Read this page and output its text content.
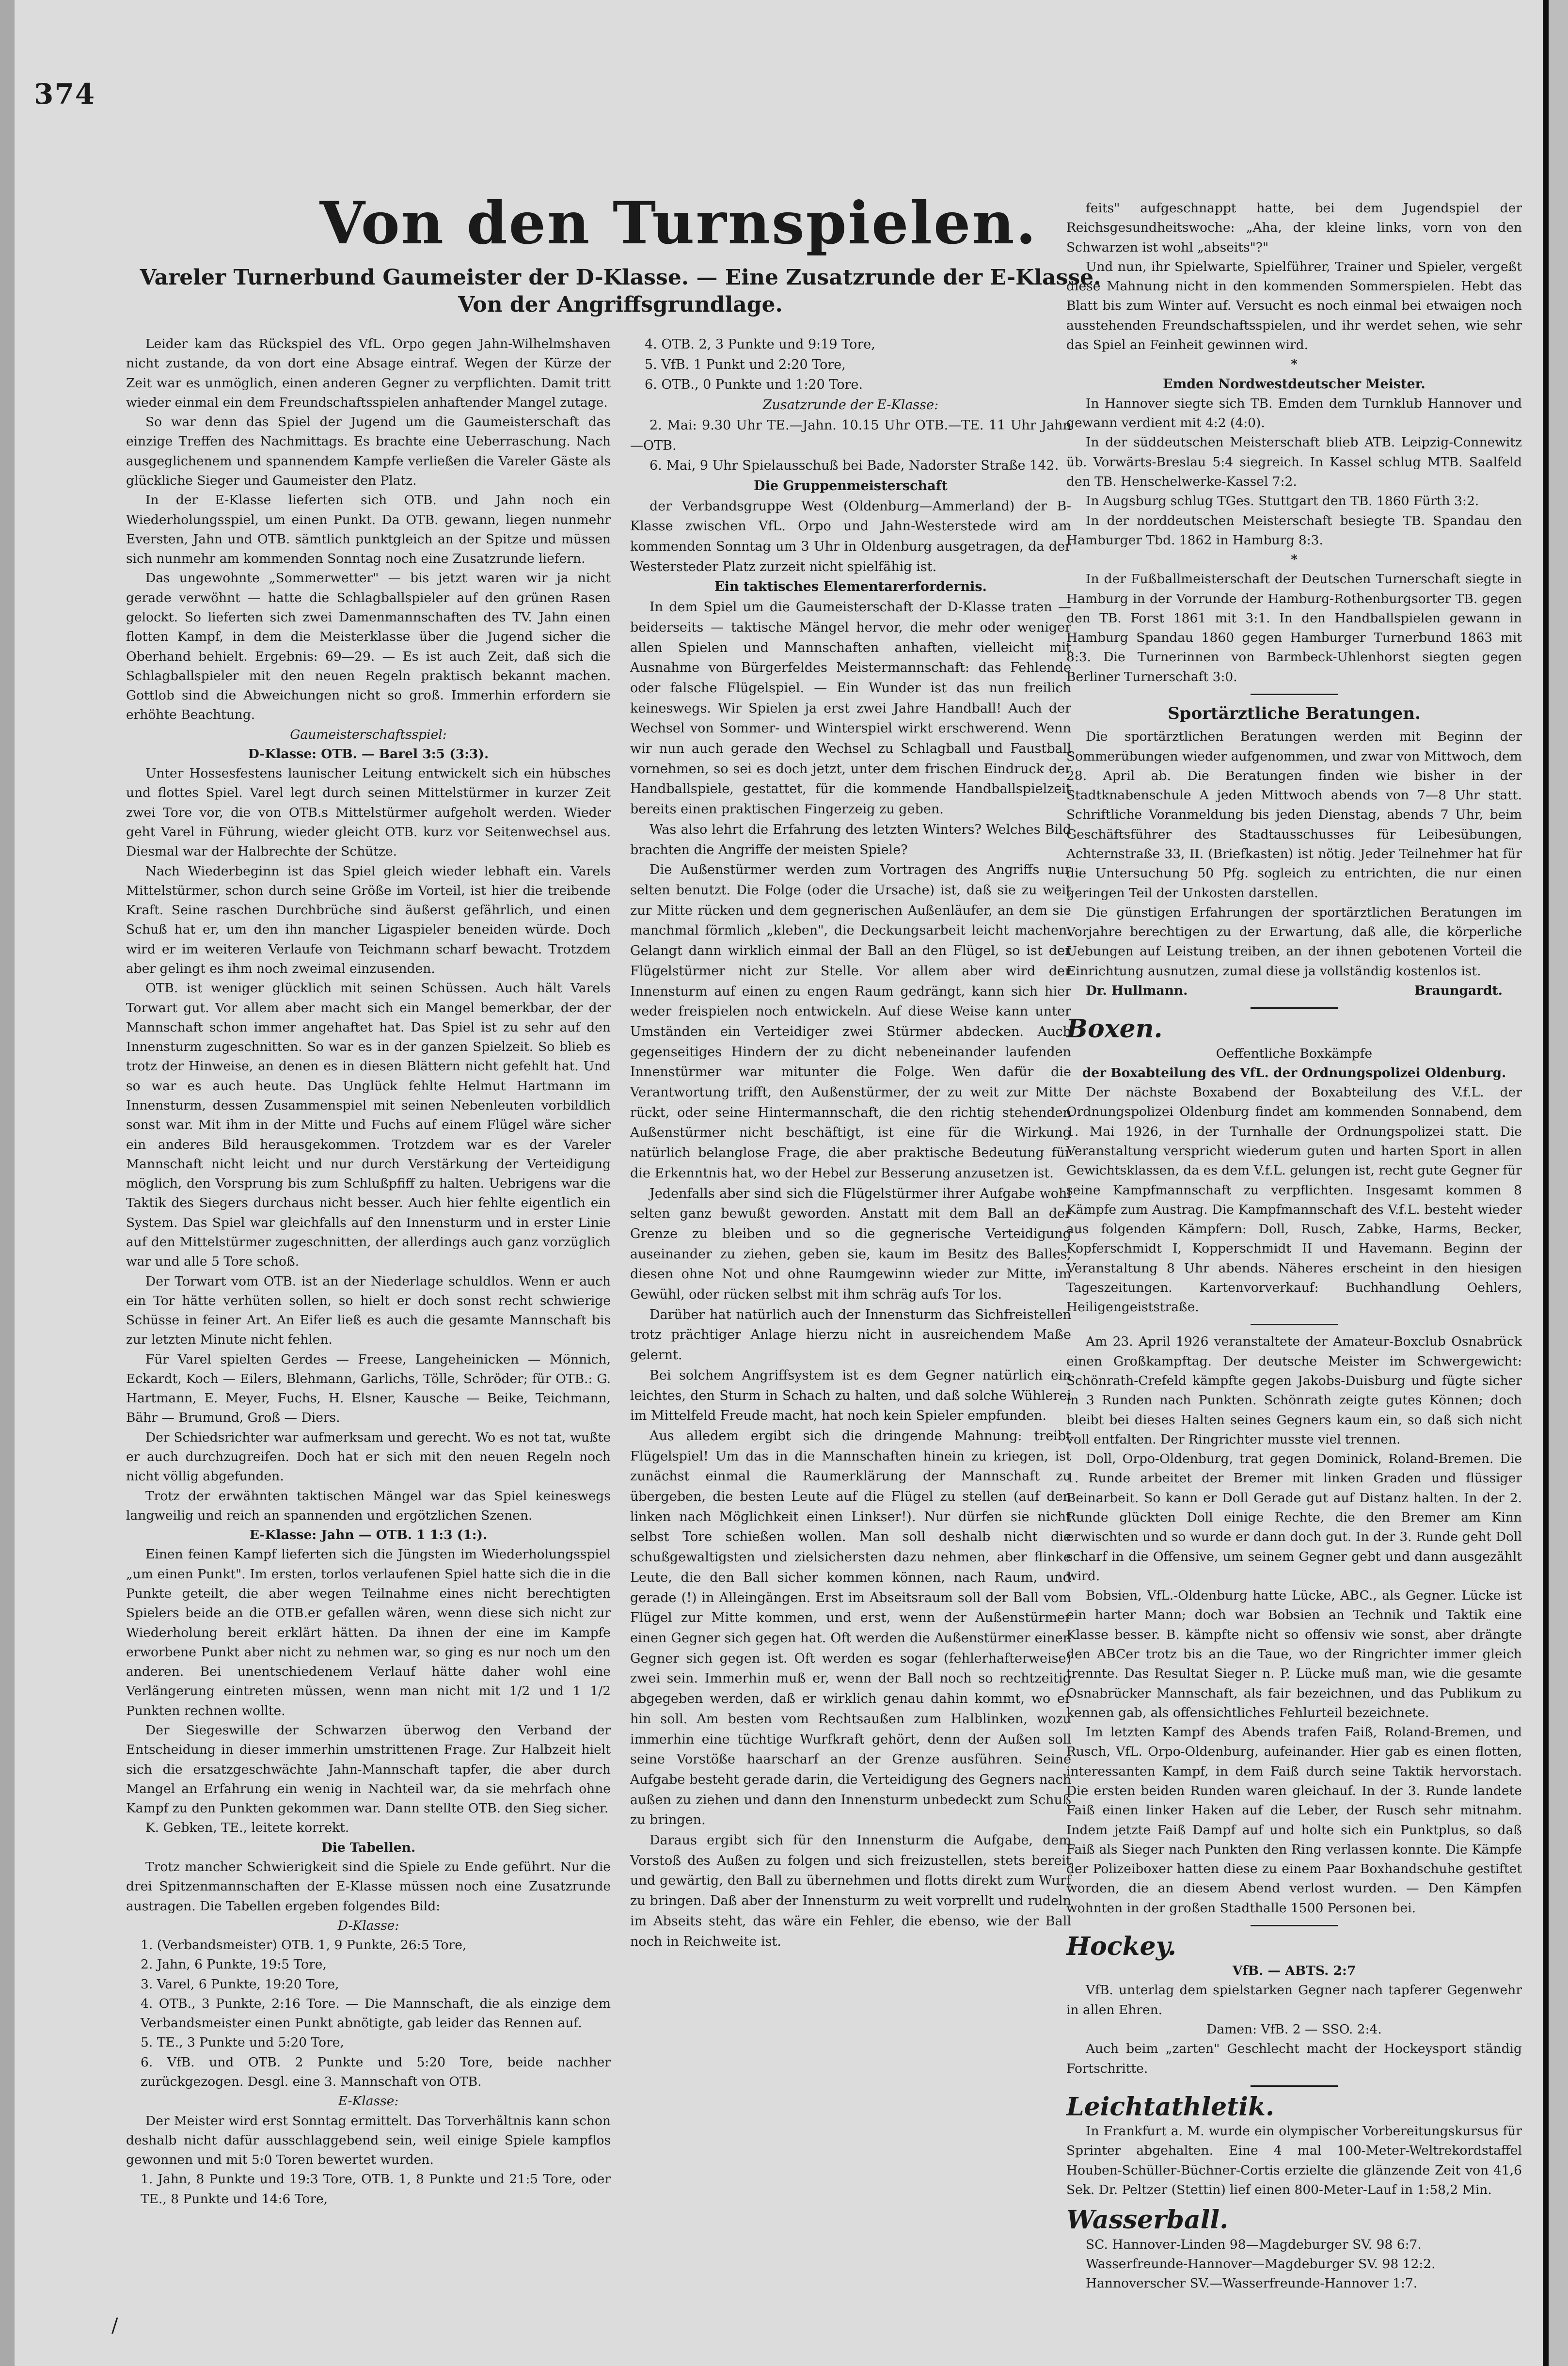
374
Von den Turnspielen.
Vareler Turnerbund Gaumeister der D-Klasse. — Eine Zusatzrunde der E-Klasse.
Von der Angriffsgrundlage.

Leider kam das Rückspiel des VfL. Orpo gegen Jahn-Wilhelmshaven nicht zustande, da von dort eine Absage eintraf. Wegen der Kürze der Zeit war es unmöglich, einen anderen Gegner zu verpflichten. Damit tritt wieder einmal ein dem Freundschaftsspielen anhaftender Mangel zutage.

So war denn das Spiel der Jugend um die Gaumeisterschaft das einzige Treffen des Nachmittags. Es brachte eine Ueberraschung. Nach ausgeglichenem und spannendem Kampfe verließen die Vareler Gäste als glückliche Sieger und Gaumeister den Platz.

In der E-Klasse lieferten sich OTB. und Jahn noch ein Wiederholungsspiel, um einen Punkt. Da OTB. gewann, liegen nunmehr Eversten, Jahn und OTB. sämtlich punktgleich an der Spitze und müssen sich nunmehr am kommenden Sonntag noch eine Zusatzrunde liefern.

Das ungewohnte „Sommerwetter" — bis jetzt waren wir ja nicht gerade verwöhnt — hatte die Schlagballspieler auf den grünen Rasen gelockt. So lieferten sich zwei Damenmannschaften des TV. Jahn einen flotten Kampf, in dem die Meisterklasse über die Jugend sicher die Oberhand behielt. Ergebnis: 69—29. — Es ist auch Zeit, daß sich die Schlagballspieler mit den neuen Regeln praktisch bekannt machen. Gottlob sind die Abweichungen nicht so groß. Immerhin erfordern sie erhöhte Beachtung.

Gaumeisterschaftsspiel:

D-Klasse: OTB. — Barel 3:5 (3:3).

Unter Hossesfestens launischer Leitung entwickelt sich ein hübsches und flottes Spiel. Varel legt durch seinen Mittelstürmer in kurzer Zeit zwei Tore vor, die von OTB.s Mittelstürmer aufgeholt werden. Wieder geht Varel in Führung, wieder gleicht OTB. kurz vor Seitenwechsel aus. Diesmal war der Halbrechte der Schütze.

Nach Wiederbeginn ist das Spiel gleich wieder lebhaft ein. Varels Mittelstürmer, schon durch seine Größe im Vorteil, ist hier die treibende Kraft. Seine raschen Durchbrüche sind äußerst gefährlich, und einen Schuß hat er, um den ihn mancher Ligaspieler beneiden würde. Doch wird er im weiteren Verlaufe von Teichmann scharf bewacht. Trotzdem aber gelingt es ihm noch zweimal einzusenden.

OTB. ist weniger glücklich mit seinen Schüssen. Auch hält Varels Torwart gut. Vor allem aber macht sich ein Mangel bemerkbar, der der Mannschaft schon immer angehaftet hat. Das Spiel ist zu sehr auf den Innensturm zugeschnitten. So war es in der ganzen Spielzeit. So blieb es trotz der Hinweise, an denen es in diesen Blättern nicht gefehlt hat. Und so war es auch heute. Das Unglück fehlte Helmut Hartmann im Innensturm, dessen Zusammenspiel mit seinen Nebenleuten vorbildlich sonst war. Mit ihm in der Mitte und Fuchs auf einem Flügel wäre sicher ein anderes Bild herausgekommen. Trotzdem war es der Vareler Mannschaft nicht leicht und nur durch Verstärkung der Verteidigung möglich, den Vorsprung bis zum Schlußpfiff zu halten. Uebrigens war die Taktik des Siegers durchaus nicht besser. Auch hier fehlte eigentlich ein System. Das Spiel war gleichfalls auf den Innensturm und in erster Linie auf den Mittelstürmer zugeschnitten, der allerdings auch ganz vorzüglich war und alle 5 Tore schoß.

Der Torwart vom OTB. ist an der Niederlage schuldlos. Wenn er auch ein Tor hätte verhüten sollen, so hielt er doch sonst recht schwierige Schüsse in feiner Art. An Eifer ließ es auch die gesamte Mannschaft bis zur letzten Minute nicht fehlen.

Für Varel spielten Gerdes — Freese, Langeheinicken — Mönnich, Eckardt, Koch — Eilers, Blehmann, Garlichs, Tölle, Schröder; für OTB.: G. Hartmann, E. Meyer, Fuchs, H. Elsner, Kausche — Beike, Teichmann, Bähr — Brumund, Groß — Diers.

Der Schiedsrichter war aufmerksam und gerecht. Wo es not tat, wußte er auch durchzugreifen. Doch hat er sich mit den neuen Regeln noch nicht völlig abgefunden.

Trotz der erwähnten taktischen Mängel war das Spiel keineswegs langweilig und reich an spannenden und ergötzlichen Szenen.

E-Klasse: Jahn — OTB. 1 1:3 (1:).

Einen feinen Kampf lieferten sich die Jüngsten im Wiederholungsspiel „um einen Punkt". Im ersten, torlos verlaufenen Spiel hatte sich die in die Punkte geteilt, die aber wegen Teilnahme eines nicht berechtigten Spielers beide an die OTB.er gefallen wären, wenn diese sich nicht zur Wiederholung bereit erklärt hätten. Da ihnen der eine im Kampfe erworbene Punkt aber nicht zu nehmen war, so ging es nur noch um den anderen. Bei unentschiedenem Verlauf hätte daher wohl eine Verlängerung eintreten müssen, wenn man nicht mit 1/2 und 1 1/2 Punkten rechnen wollte.

Der Siegeswille der Schwarzen überwog den Verband der Entscheidung in dieser immerhin umstrittenen Frage. Zur Halbzeit hielt sich die ersatzgeschwächte Jahn-Mannschaft tapfer, die aber durch Mangel an Erfahrung ein wenig in Nachteil war, da sie mehrfach ohne Kampf zu den Punkten gekommen war. Dann stellte OTB. den Sieg sicher.

K. Gebken, TE., leitete korrekt.

Die Tabellen.

Trotz mancher Schwierigkeit sind die Spiele zu Ende geführt. Nur die drei Spitzenmannschaften der E-Klasse müssen noch eine Zusatzrunde austragen. Die Tabellen ergeben folgendes Bild:

D-Klasse:

1. (Verbandsmeister) OTB. 1, 9 Punkte, 26:5 Tore,

2. Jahn, 6 Punkte, 19:5 Tore,

3. Varel, 6 Punkte, 19:20 Tore,

4. OTB., 3 Punkte, 2:16 Tore. — Die Mannschaft, die als einzige dem Verbandsmeister einen Punkt abnötigte, gab leider das Rennen auf.

5. TE., 3 Punkte und 5:20 Tore,

6. VfB. und OTB. 2 Punkte und 5:20 Tore, beide nachher zurückgezogen. Desgl. eine 3. Mannschaft von OTB.

E-Klasse:

Der Meister wird erst Sonntag ermittelt. Das Torverhältnis kann schon deshalb nicht dafür ausschlaggebend sein, weil einige Spiele kampflos gewonnen und mit 5:0 Toren bewertet wurden.

1. Jahn, 8 Punkte und 19:3 Tore, OTB. 1, 8 Punkte und 21:5 Tore, oder TE., 8 Punkte und 14:6 Tore,

4. OTB. 2, 3 Punkte und 9:19 Tore,

5. VfB. 1 Punkt und 2:20 Tore,

6. OTB., 0 Punkte und 1:20 Tore.

Zusatzrunde der E-Klasse:

2. Mai: 9.30 Uhr TE.—Jahn. 10.15 Uhr OTB.—TE. 11 Uhr Jahn—OTB.

6. Mai, 9 Uhr Spielausschuß bei Bade, Nadorster Straße 142.

Die Gruppenmeisterschaft

der Verbandsgruppe West (Oldenburg—Ammerland) der B-Klasse zwischen VfL. Orpo und Jahn-Westerstede wird am kommenden Sonntag um 3 Uhr in Oldenburg ausgetragen, da der Westersteder Platz zurzeit nicht spielfähig ist.

Ein taktisches Elementarerfordernis.

In dem Spiel um die Gaumeisterschaft der D-Klasse traten — beiderseits — taktische Mängel hervor, die mehr oder weniger allen Spielen und Mannschaften anhaften, vielleicht mit Ausnahme von Bürgerfeldes Meistermannschaft: das Fehlende oder falsche Flügelspiel. — Ein Wunder ist das nun freilich keineswegs. Wir Spielen ja erst zwei Jahre Handball! Auch der Wechsel von Sommer- und Winterspiel wirkt erschwerend. Wenn wir nun auch gerade den Wechsel zu Schlagball und Faustball vornehmen, so sei es doch jetzt, unter dem frischen Eindruck der Handballspiele, gestattet, für die kommende Handballspielzeit bereits einen praktischen Fingerzeig zu geben.

Was also lehrt die Erfahrung des letzten Winters? Welches Bild brachten die Angriffe der meisten Spiele?

Die Außenstürmer werden zum Vortragen des Angriffs nur selten benutzt. Die Folge (oder die Ursache) ist, daß sie zu weit zur Mitte rücken und dem gegnerischen Außenläufer, an dem sie manchmal förmlich „kleben", die Deckungsarbeit leicht machen. Gelangt dann wirklich einmal der Ball an den Flügel, so ist der Flügelstürmer nicht zur Stelle. Vor allem aber wird der Innensturm auf einen zu engen Raum gedrängt, kann sich hier weder freispielen noch entwickeln. Auf diese Weise kann unter Umständen ein Verteidiger zwei Stürmer abdecken. Auch gegenseitiges Hindern der zu dicht nebeneinander laufenden Innenstürmer war mitunter die Folge. Wen dafür die Verantwortung trifft, den Außenstürmer, der zu weit zur Mitte rückt, oder seine Hintermannschaft, die den richtig stehenden Außenstürmer nicht beschäftigt, ist eine für die Wirkung natürlich belanglose Frage, die aber praktische Bedeutung für die Erkenntnis hat, wo der Hebel zur Besserung anzusetzen ist.

Jedenfalls aber sind sich die Flügelstürmer ihrer Aufgabe wohl selten ganz bewußt geworden. Anstatt mit dem Ball an der Grenze zu bleiben und so die gegnerische Verteidigung auseinander zu ziehen, geben sie, kaum im Besitz des Balles, diesen ohne Not und ohne Raumgewinn wieder zur Mitte, im Gewühl, oder rücken selbst mit ihm schräg aufs Tor los.

Darüber hat natürlich auch der Innensturm das Sichfreistellen trotz prächtiger Anlage hierzu nicht in ausreichendem Maße gelernt.

Bei solchem Angriffsystem ist es dem Gegner natürlich ein leichtes, den Sturm in Schach zu halten, und daß solche Wühlerei im Mittelfeld Freude macht, hat noch kein Spieler empfunden.

Aus alledem ergibt sich die dringende Mahnung: treibt Flügelspiel! Um das in die Mannschaften hinein zu kriegen, ist zunächst einmal die Raumerklärung der Mannschaft zu übergeben, die besten Leute auf die Flügel zu stellen (auf den linken nach Möglichkeit einen Linkser!). Nur dürfen sie nicht selbst Tore schießen wollen. Man soll deshalb nicht die schußgewaltigsten und zielsichersten dazu nehmen, aber flinke Leute, die den Ball sicher kommen können, nach Raum, und gerade (!) in Alleingängen. Erst im Abseitsraum soll der Ball vom Flügel zur Mitte kommen, und erst, wenn der Außenstürmer einen Gegner sich gegen hat. Oft werden die Außenstürmer einen Gegner sich gegen ist. Oft werden es sogar (fehlerhafterweise) zwei sein. Immerhin muß er, wenn der Ball noch so rechtzeitig abgegeben werden, daß er wirklich genau dahin kommt, wo er hin soll. Am besten vom Rechtsaußen zum Halblinken, wozu immerhin eine tüchtige Wurfkraft gehört, denn der Außen soll seine Vorstöße haarscharf an der Grenze ausführen. Seine Aufgabe besteht gerade darin, die Verteidigung des Gegners nach außen zu ziehen und dann den Innensturm unbedeckt zum Schuß zu bringen.

Daraus ergibt sich für den Innensturm die Aufgabe, dem Vorstoß des Außen zu folgen und sich freizustellen, stets bereit und gewärtig, den Ball zu übernehmen und flotts direkt zum Wurf zu bringen. Daß aber der Innensturm zu weit vorprellt und rudeln im Abseits steht, das wäre ein Fehler, die ebenso, wie der Ball noch in Reichweite ist.

feits" aufgeschnappt hatte, bei dem Jugendspiel der Reichsgesundheitswoche: „Aha, der kleine links, vorn von den Schwarzen ist wohl „abseits"?"

Und nun, ihr Spielwarte, Spielführer, Trainer und Spieler, vergeßt diese Mahnung nicht in den kommenden Sommerspielen. Hebt das Blatt bis zum Winter auf. Versucht es noch einmal bei etwaigen noch ausstehenden Freundschaftsspielen, und ihr werdet sehen, wie sehr das Spiel an Feinheit gewinnen wird.

*

Emden Nordwestdeutscher Meister.

In Hannover siegte sich TB. Emden dem Turnklub Hannover und gewann verdient mit 4:2 (4:0).

In der süddeutschen Meisterschaft blieb ATB. Leipzig-Connewitz üb. Vorwärts-Breslau 5:4 siegreich. In Kassel schlug MTB. Saalfeld den TB. Henschelwerke-Kassel 7:2.

In Augsburg schlug TGes. Stuttgart den TB. 1860 Fürth 3:2.

In der norddeutschen Meisterschaft besiegte TB. Spandau den Hamburger Tbd. 1862 in Hamburg 8:3.

*

In der Fußballmeisterschaft der Deutschen Turnerschaft siegte in Hamburg in der Vorrunde der Hamburg-Rothenburgsorter TB. gegen den TB. Forst 1861 mit 3:1. In den Handballspielen gewann in Hamburg Spandau 1860 gegen Hamburger Turnerbund 1863 mit 8:3. Die Turnerinnen von Barmbeck-Uhlenhorst siegten gegen Berliner Turnerschaft 3:0.

Sportärztliche Beratungen.

Die sportärztlichen Beratungen werden mit Beginn der Sommerübungen wieder aufgenommen, und zwar von Mittwoch, dem 28. April ab. Die Beratungen finden wie bisher in der Stadtknabenschule A jeden Mittwoch abends von 7—8 Uhr statt. Schriftliche Voranmeldung bis jeden Dienstag, abends 7 Uhr, beim Geschäftsführer des Stadtausschusses für Leibesübungen, Achternstraße 33, II. (Briefkasten) ist nötig. Jeder Teilnehmer hat für die Untersuchung 50 Pfg. sogleich zu entrichten, die nur einen geringen Teil der Unkosten darstellen.

Die günstigen Erfahrungen der sportärztlichen Beratungen im Vorjahre berechtigen zu der Erwartung, daß alle, die körperliche Uebungen auf Leistung treiben, an der ihnen gebotenen Vorteil die Einrichtung ausnutzen, zumal diese ja vollständig kostenlos ist.

Dr. Hullmann.	Braungardt.

Boxen.

Oeffentliche Boxkämpfe

der Boxabteilung des VfL. der Ordnungspolizei Oldenburg.

Der nächste Boxabend der Boxabteilung des V.f.L. der Ordnungspolizei Oldenburg findet am kommenden Sonnabend, dem 1. Mai 1926, in der Turnhalle der Ordnungspolizei statt. Die Veranstaltung verspricht wiederum guten und harten Sport in allen Gewichtsklassen, da es dem V.f.L. gelungen ist, recht gute Gegner für seine Kampfmannschaft zu verpflichten. Insgesamt kommen 8 Kämpfe zum Austrag. Die Kampfmannschaft des V.f.L. besteht wieder aus folgenden Kämpfern: Doll, Rusch, Zabke, Harms, Becker, Kopferschmidt I, Kopperschmidt II und Havemann. Beginn der Veranstaltung 8 Uhr abends. Näheres erscheint in den hiesigen Tageszeitungen. Kartenvorverkauf: Buchhandlung Oehlers, Heiligengeiststraße.

Am 23. April 1926 veranstaltete der Amateur-Boxclub Osnabrück einen Großkampftag. Der deutsche Meister im Schwergewicht: Schönrath-Crefeld kämpfte gegen Jakobs-Duisburg und fügte sicher in 3 Runden nach Punkten. Schönrath zeigte gutes Können; doch bleibt bei dieses Halten seines Gegners kaum ein, so daß sich nicht voll entfalten. Der Ringrichter musste viel trennen.

Doll, Orpo-Oldenburg, trat gegen Dominick, Roland-Bremen. Die 1. Runde arbeitet der Bremer mit linken Graden und flüssiger Beinarbeit. So kann er Doll Gerade gut auf Distanz halten. In der 2. Runde glückten Doll einige Rechte, die den Bremer am Kinn erwischten und so wurde er dann doch gut. In der 3. Runde geht Doll scharf in die Offensive, um seinem Gegner gebt und dann ausgezählt wird.

Bobsien, VfL.-Oldenburg hatte Lücke, ABC., als Gegner. Lücke ist ein harter Mann; doch war Bobsien an Technik und Taktik eine Klasse besser. B. kämpfte nicht so offensiv wie sonst, aber drängte den ABCer trotz bis an die Taue, wo der Ringrichter immer gleich trennte. Das Resultat Sieger n. P. Lücke muß man, wie die gesamte Osnabrücker Mannschaft, als fair bezeichnen, und das Publikum zu kennen gab, als offensichtliches Fehlurteil bezeichnete.

Im letzten Kampf des Abends trafen Faiß, Roland-Bremen, und Rusch, VfL. Orpo-Oldenburg, aufeinander. Hier gab es einen flotten, interessanten Kampf, in dem Faiß durch seine Taktik hervorstach. Die ersten beiden Runden waren gleichauf. In der 3. Runde landete Faiß einen linker Haken auf die Leber, der Rusch sehr mitnahm. Indem jetzte Faiß Dampf auf und holte sich ein Punktplus, so daß Faiß als Sieger nach Punkten den Ring verlassen konnte. Die Kämpfe der Polizeiboxer hatten diese zu einem Paar Boxhandschuhe gestiftet worden, die an diesem Abend verlost wurden. — Den Kämpfen wohnten in der großen Stadthalle 1500 Personen bei.

Hockey.

VfB. — ABTS. 2:7

VfB. unterlag dem spielstarken Gegner nach tapferer Gegenwehr in allen Ehren.

Damen: VfB. 2 — SSO. 2:4.

Auch beim „zarten" Geschlecht macht der Hockeysport ständig Fortschritte.

Leichtathletik.

In Frankfurt a. M. wurde ein olympischer Vorbereitungskursus für Sprinter abgehalten. Eine 4 mal 100-Meter-Weltrekordstaffel Houben-Schüller-Büchner-Cortis erzielte die glänzende Zeit von 41,6 Sek. Dr. Peltzer (Stettin) lief einen 800-Meter-Lauf in 1:58,2 Min.

Wasserball.

SC. Hannover-Linden 98—Magdeburger SV. 98 6:7.

Wasserfreunde-Hannover—Magdeburger SV. 98 12:2.

Hannoverscher SV.—Wasserfreunde-Hannover 1:7.

/
